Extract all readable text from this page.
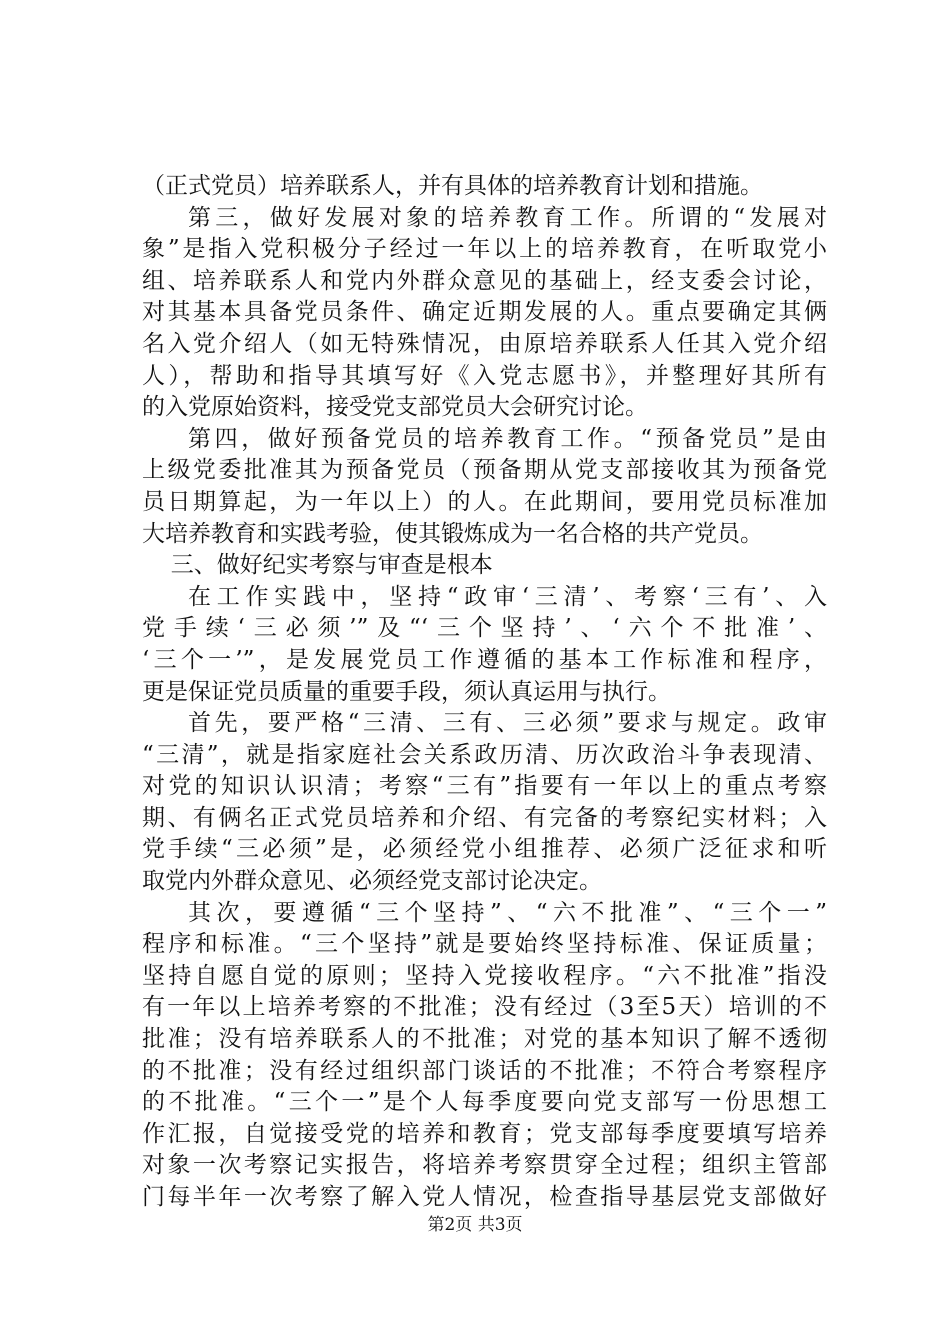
（正式党员）培养联系人，并有具体的培养教育计划和措施。
第三，做好发展对象的培养教育工作。所谓的“发展对
象”是指入党积极分子经过一年以上的培养教育，在听取党小
组、培养联系人和党内外群众意见的基础上，经支委会讨论，
对其基本具备党员条件、确定近期发展的人。重点要确定其俩
名入党介绍人（如无特殊情况，由原培养联系人任其入党介绍
人），帮助和指导其填写好《入党志愿书》，并整理好其所有
的入党原始资料，接受党支部党员大会研究讨论。
第四，做好预备党员的培养教育工作。“预备党员”是由
上级党委批准其为预备党员（预备期从党支部接收其为预备党
员日期算起，为一年以上）的人。在此期间，要用党员标准加
大培养教育和实践考验，使其锻炼成为一名合格的共产党员。
三、做好纪实考察与审查是根本
在工作实践中，坚持“政审‘三清’、考察‘三有’、入
党手续‘三必须’”及“‘三个坚持’、‘六个不批准’、
‘三个一’”，是发展党员工作遵循的基本工作标准和程序，
更是保证党员质量的重要手段，须认真运用与执行。
首先，要严格“三清、三有、三必须”要求与规定。政审
“三清”，就是指家庭社会关系政历清、历次政治斗争表现清、
对党的知识认识清；考察“三有”指要有一年以上的重点考察
期、有俩名正式党员培养和介绍、有完备的考察纪实材料；入
党手续“三必须”是，必须经党小组推荐、必须广泛征求和听
取党内外群众意见、必须经党支部讨论决定。
其次，要遵循“三个坚持”、“六不批准”、“三个一”
程序和标准。“三个坚持”就是要始终坚持标准、保证质量；
坚持自愿自觉的原则；坚持入党接收程序。“六不批准”指没
有一年以上培养考察的不批准；没有经过（3至5天）培训的不
批准；没有培养联系人的不批准；对党的基本知识了解不透彻
的不批准；没有经过组织部门谈话的不批准；不符合考察程序
的不批准。“三个一”是个人每季度要向党支部写一份思想工
作汇报，自觉接受党的培养和教育；党支部每季度要填写培养
对象一次考察记实报告，将培养考察贯穿全过程；组织主管部
门每半年一次考察了解入党人情况，检查指导基层党支部做好
第2页 共3页
